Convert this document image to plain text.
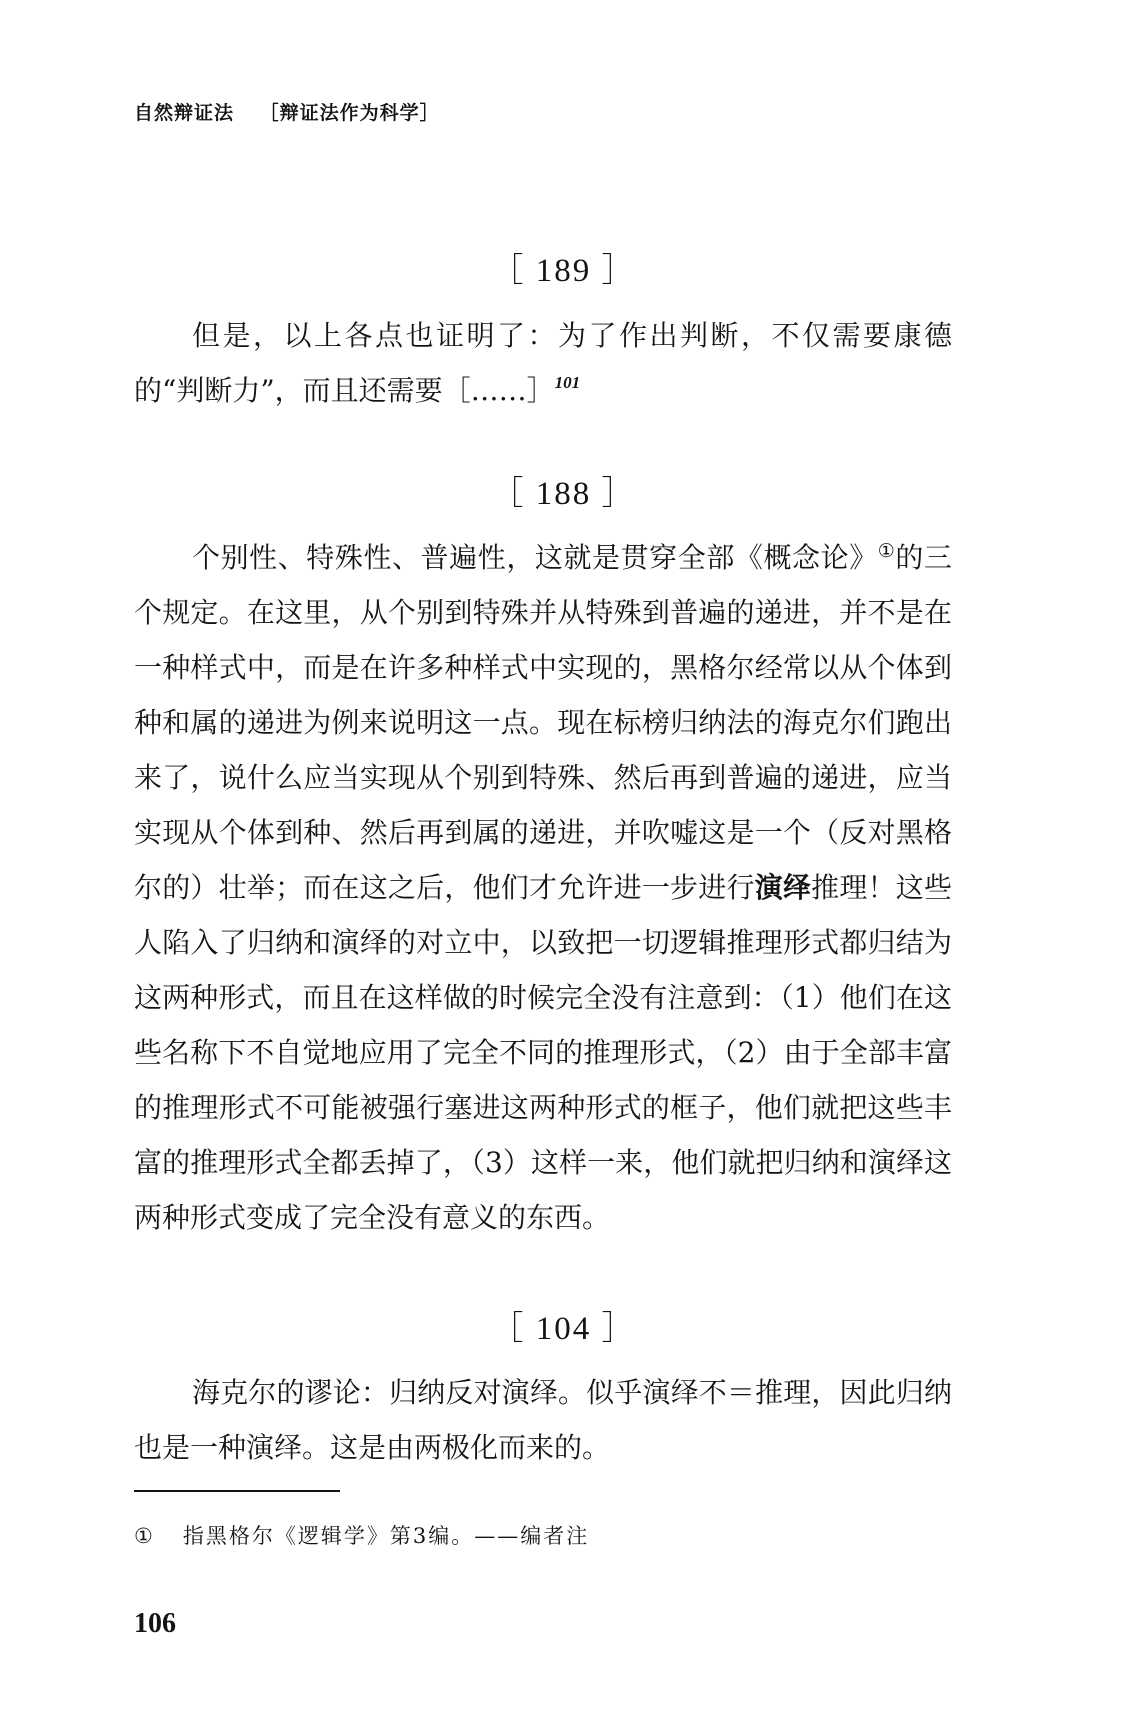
自然辩证法 ［辩证法作为科学］
［ 189 ］

但是，以上各点也证明了：为了作出判断，不仅需要康德的“判断力”，而且还需要［……］$^{101}$

［ 188 ］

个别性、特殊性、普遍性，这就是贯穿全部《概念论》①的三个规定。在这里，从个别到特殊并从特殊到普遍的递进，并不是在一种样式中，而是在许多种样式中实现的，黑格尔经常以从个体到种和属的递进为例来说明这一点。现在标榜归纳法的海克尔们跑出来了，说什么应当实现从个别到特殊、然后再到普遍的递进，应当实现从个体到种、然后再到属的递进，并吹嘘这是一个（反对黑格尔的）壮举；而在这之后，他们才允许进一步进行演绎推理！这些人陷入了归纳和演绎的对立中，以致把一切逻辑推理形式都归结为这两种形式，而且在这样做的时候完全没有注意到：（1）他们在这些名称下不自觉地应用了完全不同的推理形式，（2）由于全部丰富的推理形式不可能被强行塞进这两种形式的框子，他们就把这些丰富的推理形式全都丢掉了，（3）这样一来，他们就把归纳和演绎这两种形式变成了完全没有意义的东西。

［ 104 ］

海克尔的谬论：归纳反对演绎。似乎演绎不＝推理，因此归纳也是一种演绎。这是由两极化而来的。

① 指黑格尔《逻辑学》第3编。——编者注
106
